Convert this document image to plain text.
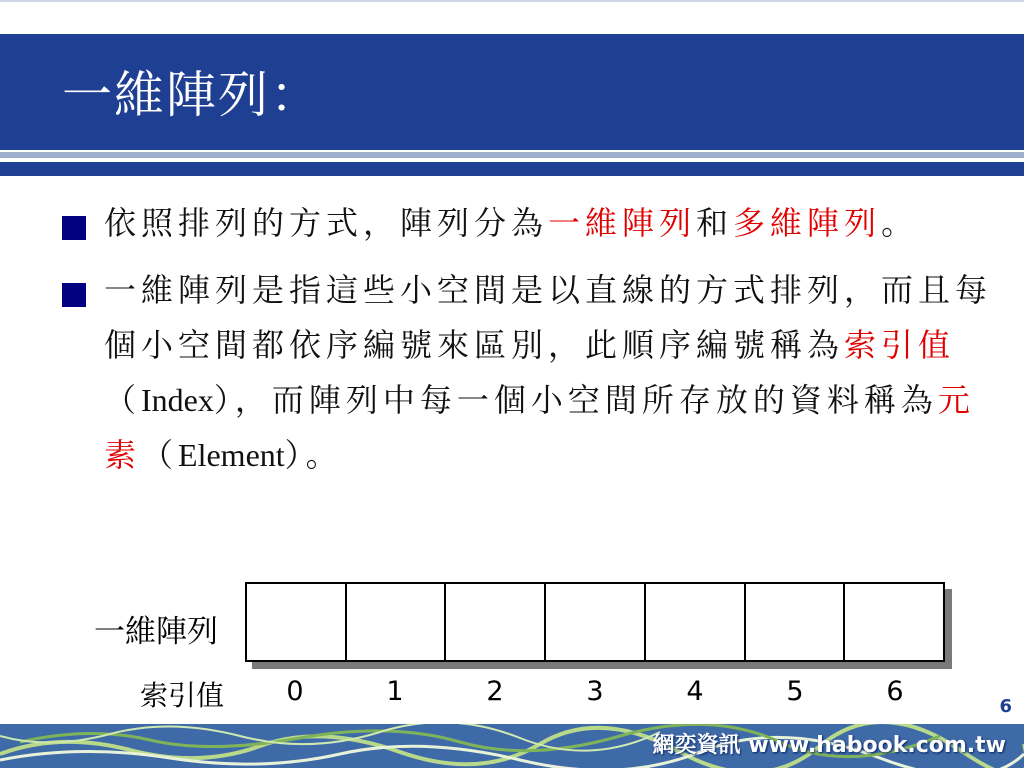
一維陣列：
依照排列的方式，陣列分為一維陣列和多維陣列。
一維陣列是指這些小空間是以直線的方式排列，而且每個小空間都依序編號來區別，此順序編號稱為索引值（Index），而陣列中每一個小空間所存放的資料稱為元素（Element）。
一維陣列
索引值	0	1	2	3	4	5	6	6
網奕資訊 www.habook.com.tw
